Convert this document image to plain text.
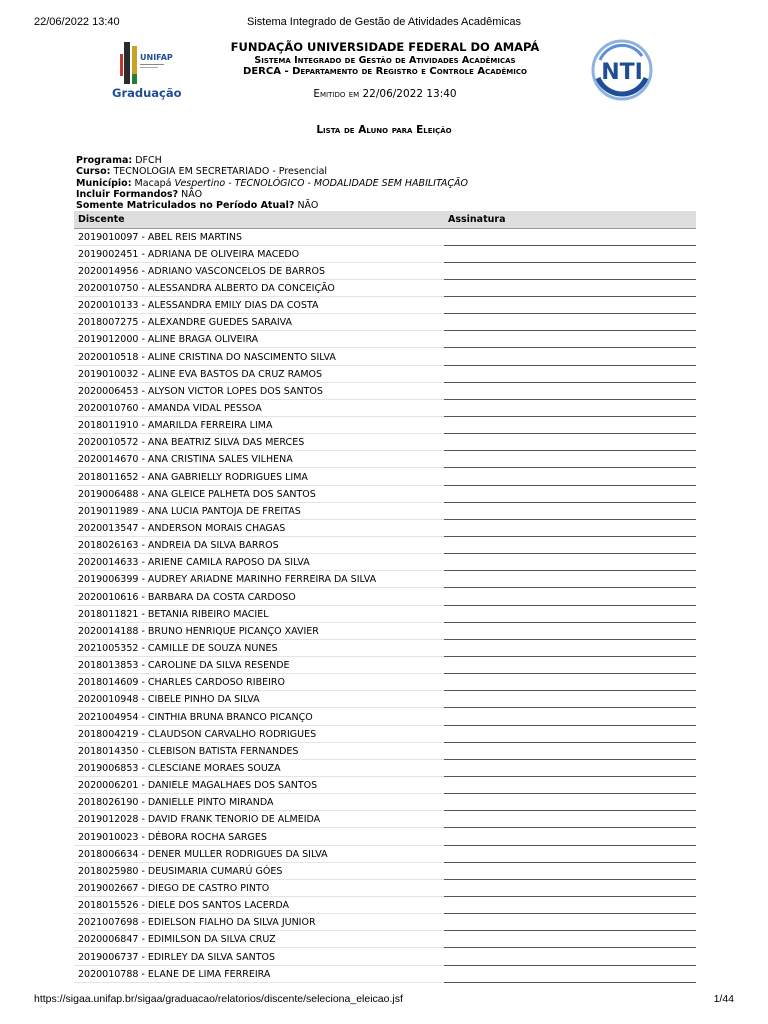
22/06/2022 13:40	Sistema Integrado de Gestão de Atividades Acadêmicas
UNIFAP
Graduação
NTI
FUNDAÇÃO UNIVERSIDADE FEDERAL DO AMAPÁ
Sistema Integrado de Gestão de Atividades Acadêmicas
DERCA - Departamento de Registro e Controle Acadêmico
Emitido em 22/06/2022 13:40
Lista de Aluno para Eleição
Programa: DFCH
Curso: TECNOLOGIA EM SECRETARIADO - Presencial
Município: Macapá Vespertino - TECNOLÓGICO - MODALIDADE SEM HABILITAÇÃO
Incluir Formandos? NÃO
Somente Matriculados no Período Atual? NÃO
Discente	Assinatura
2019010097 - ABEL REIS MARTINS	
2019002451 - ADRIANA DE OLIVEIRA MACEDO	
2020014956 - ADRIANO VASCONCELOS DE BARROS	
2020010750 - ALESSANDRA ALBERTO DA CONCEIÇÃO	
2020010133 - ALESSANDRA EMILY DIAS DA COSTA	
2018007275 - ALEXANDRE GUEDES SARAIVA	
2019012000 - ALINE BRAGA OLIVEIRA	
2020010518 - ALINE CRISTINA DO NASCIMENTO SILVA	
2019010032 - ALINE EVA BASTOS DA CRUZ RAMOS	
2020006453 - ALYSON VICTOR LOPES DOS SANTOS	
2020010760 - AMANDA VIDAL PESSOA	
2018011910 - AMARILDA FERREIRA LIMA	
2020010572 - ANA BEATRIZ SILVA DAS MERCES	
2020014670 - ANA CRISTINA SALES VILHENA	
2018011652 - ANA GABRIELLY RODRIGUES LIMA	
2019006488 - ANA GLEICE PALHETA DOS SANTOS	
2019011989 - ANA LUCIA PANTOJA DE FREITAS	
2020013547 - ANDERSON MORAIS CHAGAS	
2018026163 - ANDREIA DA SILVA BARROS	
2020014633 - ARIENE CAMILA RAPOSO DA SILVA	
2019006399 - AUDREY ARIADNE MARINHO FERREIRA DA SILVA	
2020010616 - BARBARA DA COSTA CARDOSO	
2018011821 - BETANIA RIBEIRO MACIEL	
2020014188 - BRUNO HENRIQUE PICANÇO XAVIER	
2021005352 - CAMILLE DE SOUZA NUNES	
2018013853 - CAROLINE DA SILVA RESENDE	
2018014609 - CHARLES CARDOSO RIBEIRO	
2020010948 - CIBELE PINHO DA SILVA	
2021004954 - CINTHIA BRUNA BRANCO PICANÇO	
2018004219 - CLAUDSON CARVALHO RODRIGUES	
2018014350 - CLEBISON BATISTA FERNANDES	
2019006853 - CLESCIANE MORAES SOUZA	
2020006201 - DANIELE MAGALHAES DOS SANTOS	
2018026190 - DANIELLE PINTO MIRANDA	
2019012028 - DAVID FRANK TENORIO DE ALMEIDA	
2019010023 - DÉBORA ROCHA SARGES	
2018006634 - DENER MULLER RODRIGUES DA SILVA	
2018025980 - DEUSIMARIA CUMARÚ GÓES	
2019002667 - DIEGO DE CASTRO PINTO	
2018015526 - DIELE DOS SANTOS LACERDA	
2021007698 - EDIELSON FIALHO DA SILVA JUNIOR	
2020006847 - EDIMILSON DA SILVA CRUZ	
2019006737 - EDIRLEY DA SILVA SANTOS	
2020010788 - ELANE DE LIMA FERREIRA	
https://sigaa.unifap.br/sigaa/graduacao/relatorios/discente/seleciona_eleicao.jsf	1/44
